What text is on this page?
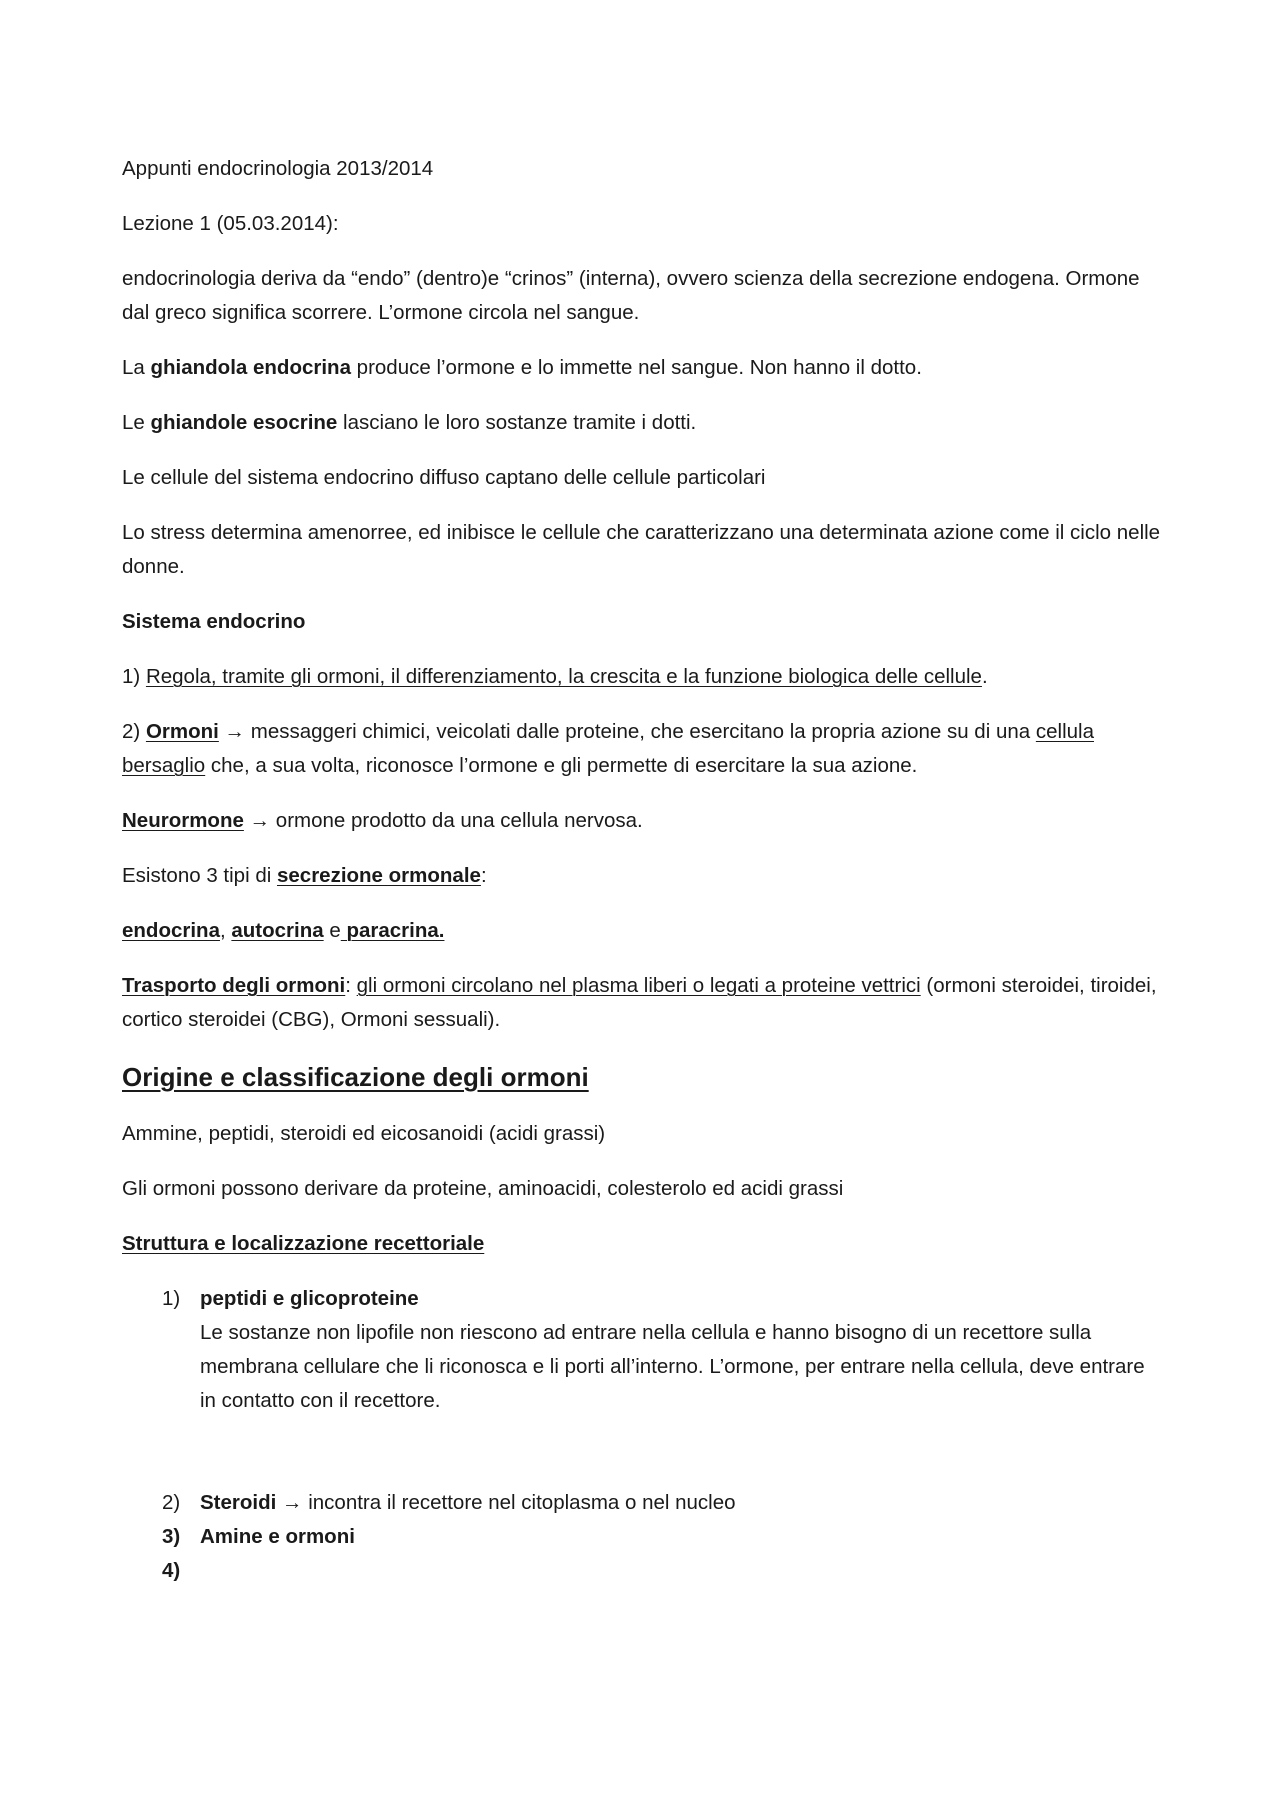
Appunti endocrinologia 2013/2014

Lezione 1 (05.03.2014):

endocrinologia deriva da “endo” (dentro)e “crinos” (interna), ovvero scienza della secrezione endogena. Ormone dal greco significa scorrere. L’ormone circola nel sangue.

La ghiandola endocrina produce l’ormone e lo immette nel sangue. Non hanno il dotto.

Le ghiandole esocrine lasciano le loro sostanze tramite i dotti.

Le cellule del sistema endocrino diffuso captano delle cellule particolari

Lo stress determina amenorree, ed inibisce le cellule che caratterizzano una determinata azione come il ciclo nelle donne.

Sistema endocrino

1) Regola, tramite gli ormoni, il differenziamento, la crescita e la funzione biologica delle cellule.

2) Ormoni → messaggeri chimici, veicolati dalle proteine, che esercitano la propria azione su di una cellula bersaglio che, a sua volta, riconosce l’ormone e gli permette di esercitare la sua azione.

Neurormone → ormone prodotto da una cellula nervosa.

Esistono 3 tipi di secrezione ormonale:

endocrina, autocrina e paracrina.

Trasporto degli ormoni: gli ormoni circolano nel plasma liberi o legati a proteine vettrici (ormoni steroidei, tiroidei, cortico steroidei (CBG), Ormoni sessuali).

Origine e classificazione degli ormoni

Ammine, peptidi, steroidi ed eicosanoidi (acidi grassi)

Gli ormoni possono derivare da proteine, aminoacidi, colesterolo ed acidi grassi

Struttura e localizzazione recettoriale

1) peptidi e glicoproteine
Le sostanze non lipofile non riescono ad entrare nella cellula e hanno bisogno di un recettore sulla membrana cellulare che li riconosca e li porti all’interno. L’ormone, per entrare nella cellula, deve entrare in contatto con il recettore.
2) Steroidi → incontra il recettore nel citoplasma o nel nucleo
3) Amine e ormoni
4)
